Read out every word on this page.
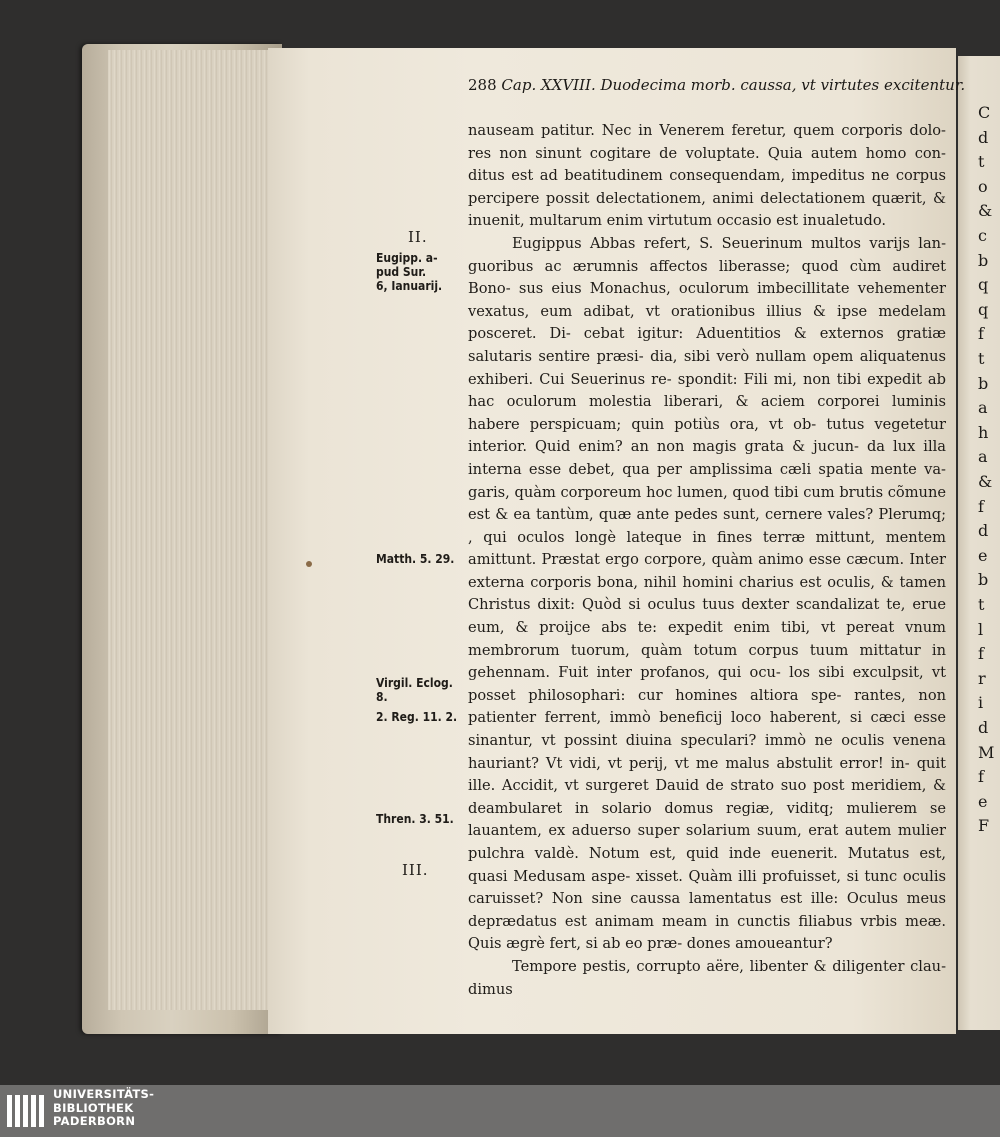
C
d
t
o
&
c
b
q
q
f
t
b
a
h
a
&
f
d
e
b
t
l
f
r
i
d
M
f
e
F
288 Cap. XXVIII. Duodecima morb. caussa, vt virtutes excitentur.

nauseam patitur. Nec in Venerem feretur, quem corporis dolo- res non sinunt cogitare de voluptate. Quia autem homo con- ditus est ad beatitudinem consequendam, impeditus ne corpus percipere possit delectationem, animi delectationem quærit, & inuenit, multarum enim virtutum occasio est inualetudo.

Eugippus Abbas refert, S. Seuerinum multos varijs lan- guoribus ac ærumnis affectos liberasse; quod cùm audiret Bono- sus eius Monachus, oculorum imbecillitate vehementer vexatus, eum adibat, vt orationibus illius & ipse medelam posceret. Di- cebat igitur: Aduentitios & externos gratiæ salutaris sentire præsi- dia, sibi verò nullam opem aliquatenus exhiberi. Cui Seuerinus re- spondit: Fili mi, non tibi expedit ab hac oculorum molestia liberari, & aciem corporei luminis habere perspicuam; quin potiùs ora, vt ob- tutus vegetetur interior. Quid enim? an non magis grata & jucun- da lux illa interna esse debet, qua per amplissima cæli spatia mente va- garis, quàm corporeum hoc lumen, quod tibi cum brutis cõmune est & ea tantùm, quæ ante pedes sunt, cernere vales? Plerumq; , qui oculos longè lateque in fines terræ mittunt, mentem amittunt. Præstat ergo corpore, quàm animo esse cæcum. Inter externa corporis bona, nihil homini charius est oculis, & tamen Christus dixit: Quòd si oculus tuus dexter scandalizat te, erue eum, & proijce abs te: expedit enim tibi, vt pereat vnum membrorum tuorum, quàm totum corpus tuum mittatur in gehennam. Fuit inter profanos, qui ocu- los sibi exculpsit, vt posset philosophari: cur homines altiora spe- rantes, non patienter ferrent, immò beneficij loco haberent, si cæci esse sinantur, vt possint diuina speculari? immò ne oculis venena hauriant? Vt vidi, vt perij, vt me malus abstulit error! in- quit ille. Accidit, vt surgeret Dauid de strato suo post meridiem, & deambularet in solario domus regiæ, viditq; mulierem se lauantem, ex aduerso super solarium suum, erat autem mulier pulchra valdè. Notum est, quid inde euenerit. Mutatus est, quasi Medusam aspe- xisset. Quàm illi profuisset, si tunc oculis caruisset? Non sine caussa lamentatus est ille: Oculus meus deprædatus est animam meam in cunctis filiabus vrbis meæ. Quis ægrè fert, si ab eo præ- dones amoueantur?

Tempore pestis, corrupto aëre, libenter & diligenter clau- dimus

II.
III.
Eugipp. a-
pud Sur.
6, Ianuarij.
Matth. 5. 29.
Virgil. Eclog.
8.
2. Reg. 11. 2.
Thren. 3. 51.
UNIVERSITÄTS-
BIBLIOTHEK
PADERBORN
